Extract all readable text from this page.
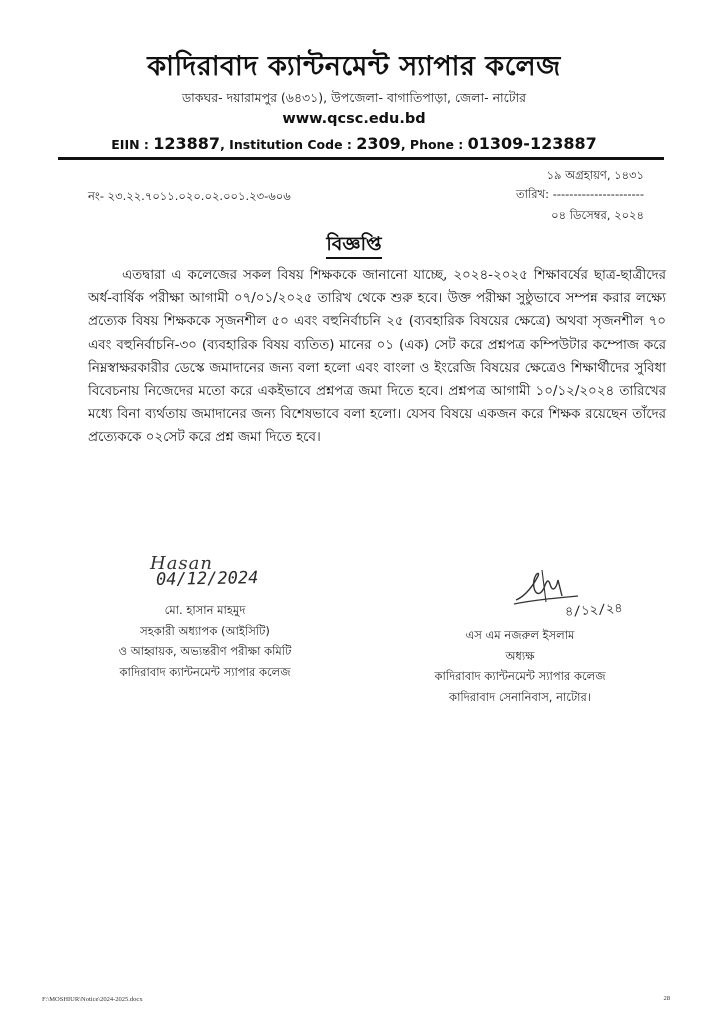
কাদিরাবাদ ক্যান্টনমেন্ট স্যাপার কলেজ
ডাকঘর- দয়ারামপুর (৬৪৩১), উপজেলা- বাগাতিপাড়া, জেলা- নাটোর
www.qcsc.edu.bd
EIIN : 123887, Institution Code : 2309, Phone : 01309-123887
১৯ অগ্রহায়ণ, ১৪৩১
নং- ২৩.২২.৭০১১.০২০.০২.০০১.২৩-৬০৬	তারিখ: ----------------------
০৪ ডিসেম্বর, ২০২৪
বিজ্ঞপ্তি

এতদ্বারা এ কলেজের সকল বিষয় শিক্ষককে জানানো যাচ্ছে, ২০২৪-২০২৫ শিক্ষাবর্ষের ছাত্র-ছাত্রীদের অর্ধ-বার্ষিক পরীক্ষা আগামী ০৭/০১/২০২৫ তারিখ থেকে শুরু হবে। উক্ত পরীক্ষা সুষ্ঠুভাবে সম্পন্ন করার লক্ষ্যে প্রত্যেক বিষয় শিক্ষককে সৃজনশীল ৫০ এবং বহুনির্বাচনি ২৫ (ব্যবহারিক বিষয়ের ক্ষেত্রে) অথবা সৃজনশীল ৭০ এবং বহুনির্বাচনি-৩০ (ব্যবহারিক বিষয় ব্যতিত) মানের ০১ (এক) সেট করে প্রশ্নপত্র কম্পিউটার কম্পোজ করে নিম্নস্বাক্ষরকারীর ডেস্কে জমাদানের জন্য বলা হলো এবং বাংলা ও ইংরেজি বিষয়ের ক্ষেত্রেও শিক্ষার্থীদের সুবিধা বিবেচনায় নিজেদের মতো করে একইভাবে প্রশ্নপত্র জমা দিতে হবে। প্রশ্নপত্র আগামী ১০/১২/২০২৪ তারিখের মধ্যে বিনা ব্যর্থতায় জমাদানের জন্য বিশেষভাবে বলা হলো। যেসব বিষয়ে একজন করে শিক্ষক রয়েছেন তাঁদের প্রত্যেককে ০২সেট করে প্রশ্ন জমা দিতে হবে।

Hasan
04/12/2024
মো. হাসান মাহমুদ
সহকারী অধ্যাপক (আইসিটি)
ও আহ্বায়ক, অভ্যন্তরীণ পরীক্ষা কমিটি
কাদিরাবাদ ক্যান্টনমেন্ট স্যাপার কলেজ
৪/১২/২৪
এস এম নজরুল ইসলাম
অধ্যক্ষ
কাদিরাবাদ ক্যান্টনমেন্ট স্যাপার কলেজ
কাদিরাবাদ সেনানিবাস, নাটোর।
F:\MOSHIUR\Notice\2024-2025.docx	28
